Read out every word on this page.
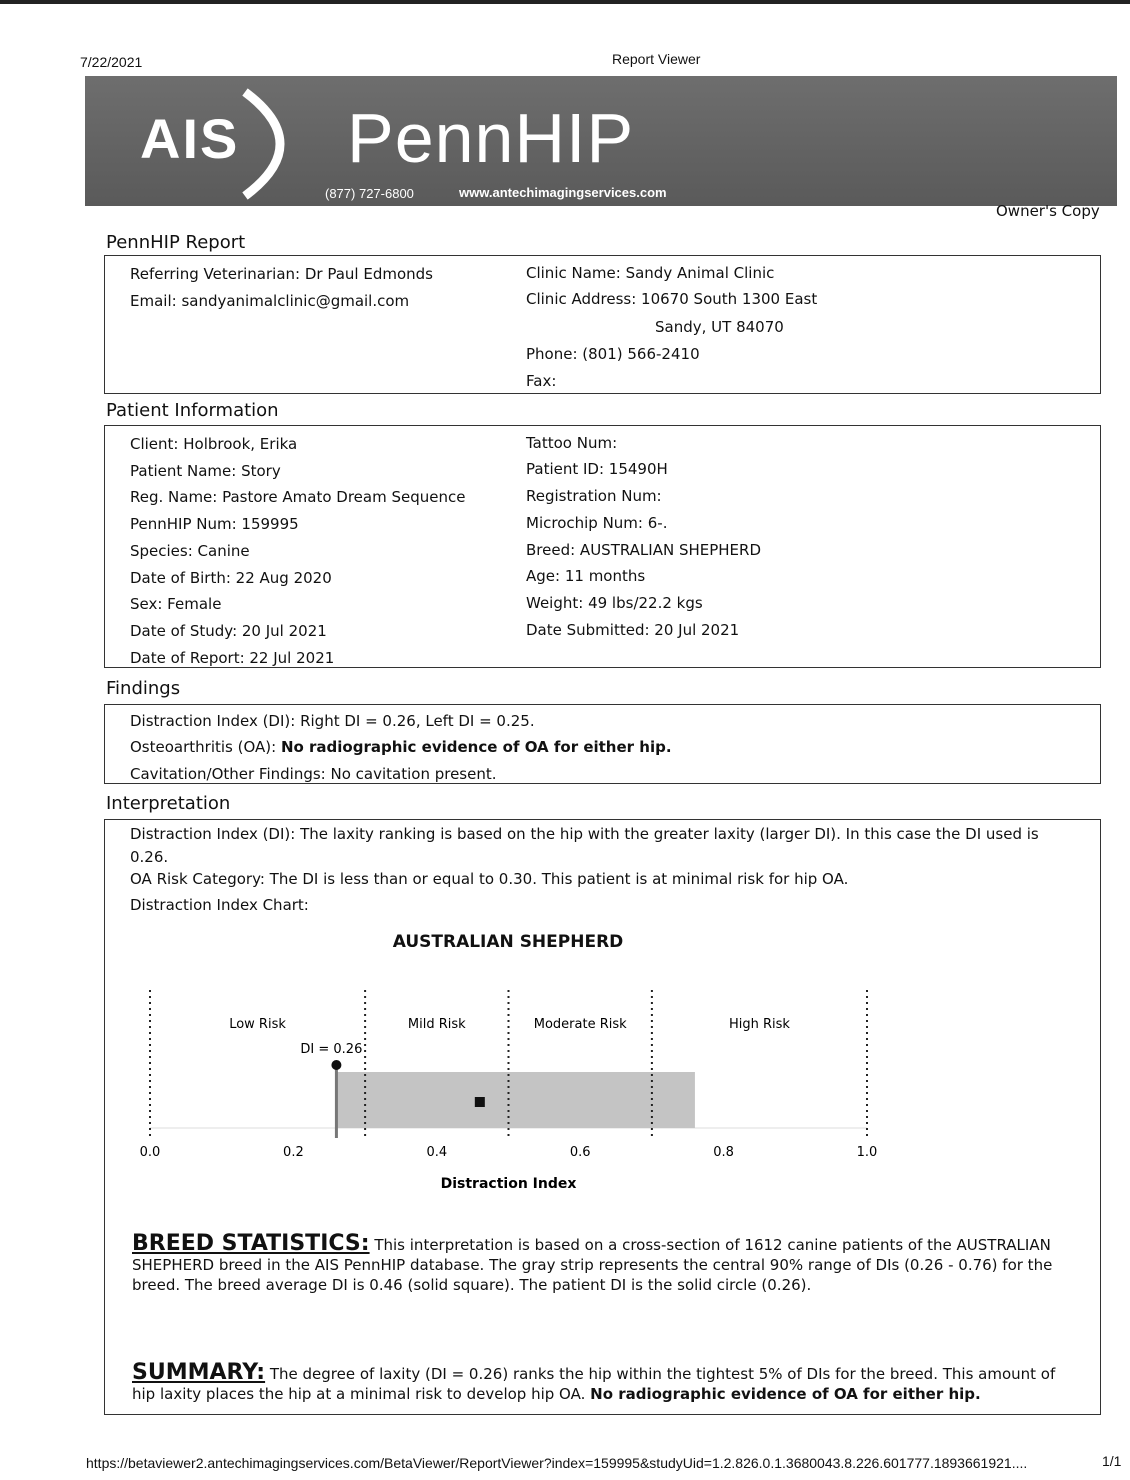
7/22/2021	Report Viewer
AIS PennHIP
(877) 727-6800	www.antechimagingservices.com
Owner's Copy
PennHIP Report
Referring Veterinarian: Dr Paul Edmonds
Email: sandyanimalclinic@gmail.com
Clinic Name: Sandy Animal Clinic
Clinic Address: 10670 South 1300 East
Sandy, UT 84070
Phone: (801) 566-2410
Fax:
Patient Information
Client: Holbrook, Erika
Patient Name: Story
Reg. Name: Pastore Amato Dream Sequence
PennHIP Num: 159995
Species: Canine
Date of Birth: 22 Aug 2020
Sex: Female
Date of Study: 20 Jul 2021
Date of Report: 22 Jul 2021
Tattoo Num:
Patient ID: 15490H
Registration Num:
Microchip Num: 6-.
Breed: AUSTRALIAN SHEPHERD
Age: 11 months
Weight: 49 lbs/22.2 kgs
Date Submitted: 20 Jul 2021
Findings
Distraction Index (DI): Right DI = 0.26, Left DI = 0.25.
Osteoarthritis (OA): No radiographic evidence of OA for either hip.
Cavitation/Other Findings: No cavitation present.
Interpretation
Distraction Index (DI): The laxity ranking is based on the hip with the greater laxity (larger DI). In this case the DI used is
0.26.
OA Risk Category: The DI is less than or equal to 0.30. This patient is at minimal risk for hip OA.
Distraction Index Chart:
AUSTRALIAN SHEPHERD
Low Risk	Mild Risk	Moderate Risk	High Risk
0.0	0.2	0.4	0.6	0.8	1.0
Distraction Index
DI = 0.26
BREED STATISTICS: This interpretation is based on a cross-section of 1612 canine patients of the AUSTRALIAN
SHEPHERD breed in the AIS PennHIP database. The gray strip represents the central 90% range of DIs (0.26 - 0.76) for the
breed. The breed average DI is 0.46 (solid square). The patient DI is the solid circle (0.26).
SUMMARY: The degree of laxity (DI = 0.26) ranks the hip within the tightest 5% of DIs for the breed. This amount of
hip laxity places the hip at a minimal risk to develop hip OA. No radiographic evidence of OA for either hip.
https://betaviewer2.antechimagingservices.com/BetaViewer/ReportViewer?index=159995&studyUid=1.2.826.0.1.3680043.8.226.601777.1893661921....	1/1
